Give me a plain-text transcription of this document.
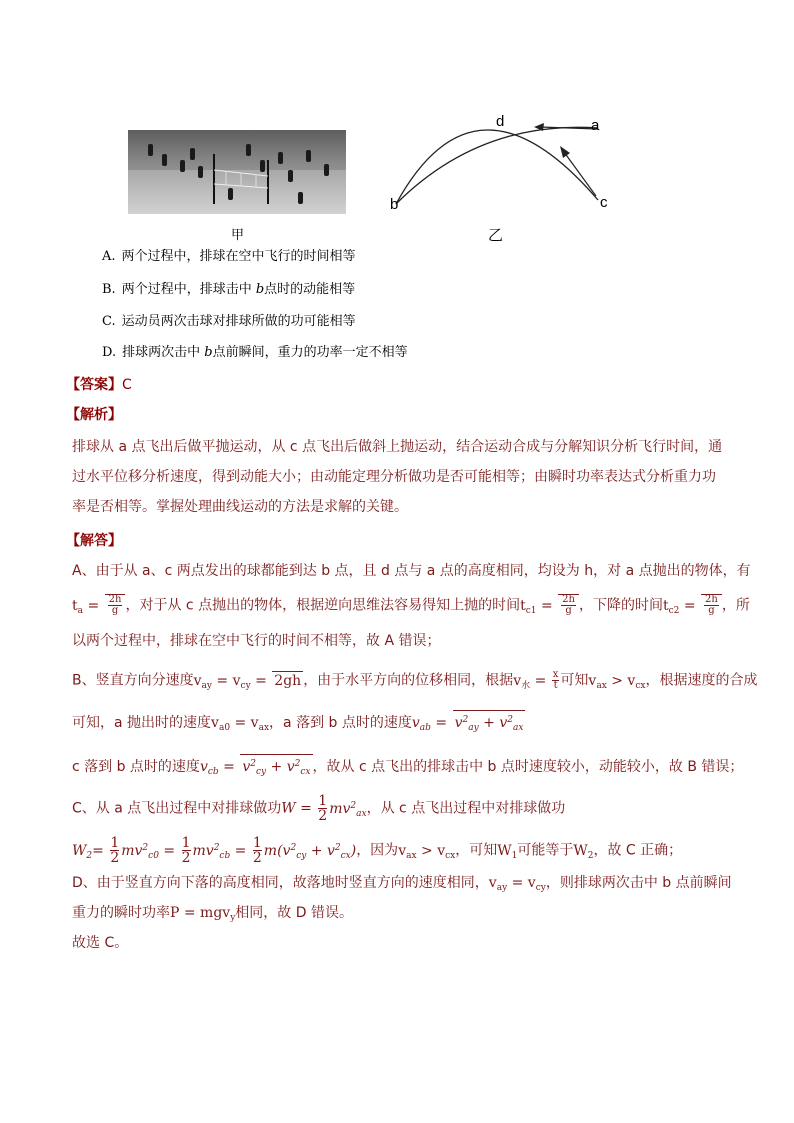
甲
d	a
b	c
乙
A. 两个过程中，排球在空中飞行的时间相等
B. 两个过程中，排球击中 b点时的动能相等
C. 运动员两次击球对排球所做的功可能相等
D. 排球两次击中 b点前瞬间，重力的功率一定不相等
【答案】C
【解析】
排球从 a 点飞出后做平抛运动，从 c 点飞出后做斜上抛运动，结合运动合成与分解知识分析飞行时间，通
过水平位移分析速度，得到动能大小；由动能定理分析做功是否可能相等；由瞬时功率表达式分析重力功
率是否相等。掌握处理曲线运动的方法是求解的关键。
【解答】
A、由于从 a、c 两点发出的球都能到达 b 点，且 d 点与 a 点的高度相同，均设为 h，对 a 点抛出的物体，有
$t_a = \frac{2h}{g}$ ，对于从 c 点抛出的物体，根据逆向思维法容易得知上抛的时间$t_{c1} = \frac{2h}{g}$ ，下降的时间$t_{c2} = \frac{2h}{g}$ ，所
以两个过程中，排球在空中飞行的时间不相等，故 A 错误；
B、竖直方向分速度$v_{ay} = v_{cy} = 2gh$ ，由于水平方向的位移相同，根据$v_水 = \frac{x}{t}$ 可知$v_{ax} > v_{cx}$，根据速度的合成
可知，a 抛出时的速度$v_{a0} = v_{ax}$，a 落到 b 点时的速度$v_{ab} = v^2_{ay} + v^2_{ax}$
c 落到 b 点时的速度$v_{cb} = v^2_{cy} + v^2_{cx}$ ，故从 c 点飞出的排球击中 b 点时速度较小，动能较小，故 B 错误；
C、从 a 点飞出过程中对排球做功$W = \frac{1}{2} mv^2_{ax}$，从 c 点飞出过程中对排球做功
$W_2= \frac{1}{2} mv^2_{c0} = \frac{1}{2} mv^2_{cb} = \frac{1}{2} m(v^2_{cy} + v^2_{cx})$，因为$v_{ax} > v_{cx}$，可知$W_1$可能等于$W_2$，故 C 正确；
D、由于竖直方向下落的高度相同，故落地时竖直方向的速度相同，$v_{ay} = v_{cy}$，则排球两次击中 b 点前瞬间
重力的瞬时功率P = mgv$_y$相同，故 D 错误。
故选 C。
